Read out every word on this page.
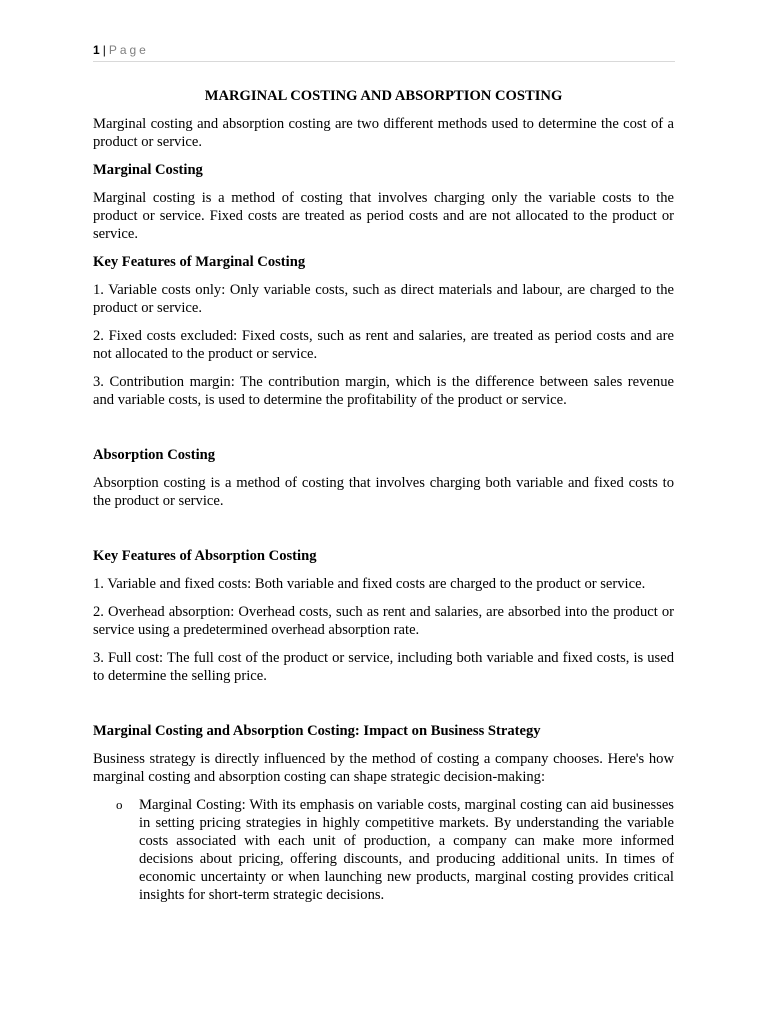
1 | Page
MARGINAL COSTING AND ABSORPTION COSTING

Marginal costing and absorption costing are two different methods used to determine the cost of a product or service.

Marginal Costing

Marginal costing is a method of costing that involves charging only the variable costs to the product or service. Fixed costs are treated as period costs and are not allocated to the product or service.

Key Features of Marginal Costing

1. Variable costs only: Only variable costs, such as direct materials and labour, are charged to the product or service.

2. Fixed costs excluded: Fixed costs, such as rent and salaries, are treated as period costs and are not allocated to the product or service.

3. Contribution margin: The contribution margin, which is the difference between sales revenue and variable costs, is used to determine the profitability of the product or service.

Absorption Costing

Absorption costing is a method of costing that involves charging both variable and fixed costs to the product or service.

Key Features of Absorption Costing

1. Variable and fixed costs: Both variable and fixed costs are charged to the product or service.

2. Overhead absorption: Overhead costs, such as rent and salaries, are absorbed into the product or service using a predetermined overhead absorption rate.

3. Full cost: The full cost of the product or service, including both variable and fixed costs, is used to determine the selling price.

Marginal Costing and Absorption Costing: Impact on Business Strategy

Business strategy is directly influenced by the method of costing a company chooses. Here's how marginal costing and absorption costing can shape strategic decision-making:

o Marginal Costing: With its emphasis on variable costs, marginal costing can aid businesses in setting pricing strategies in highly competitive markets. By understanding the variable costs associated with each unit of production, a company can make more informed decisions about pricing, offering discounts, and producing additional units. In times of economic uncertainty or when launching new products, marginal costing provides critical insights for short-term strategic decisions.
